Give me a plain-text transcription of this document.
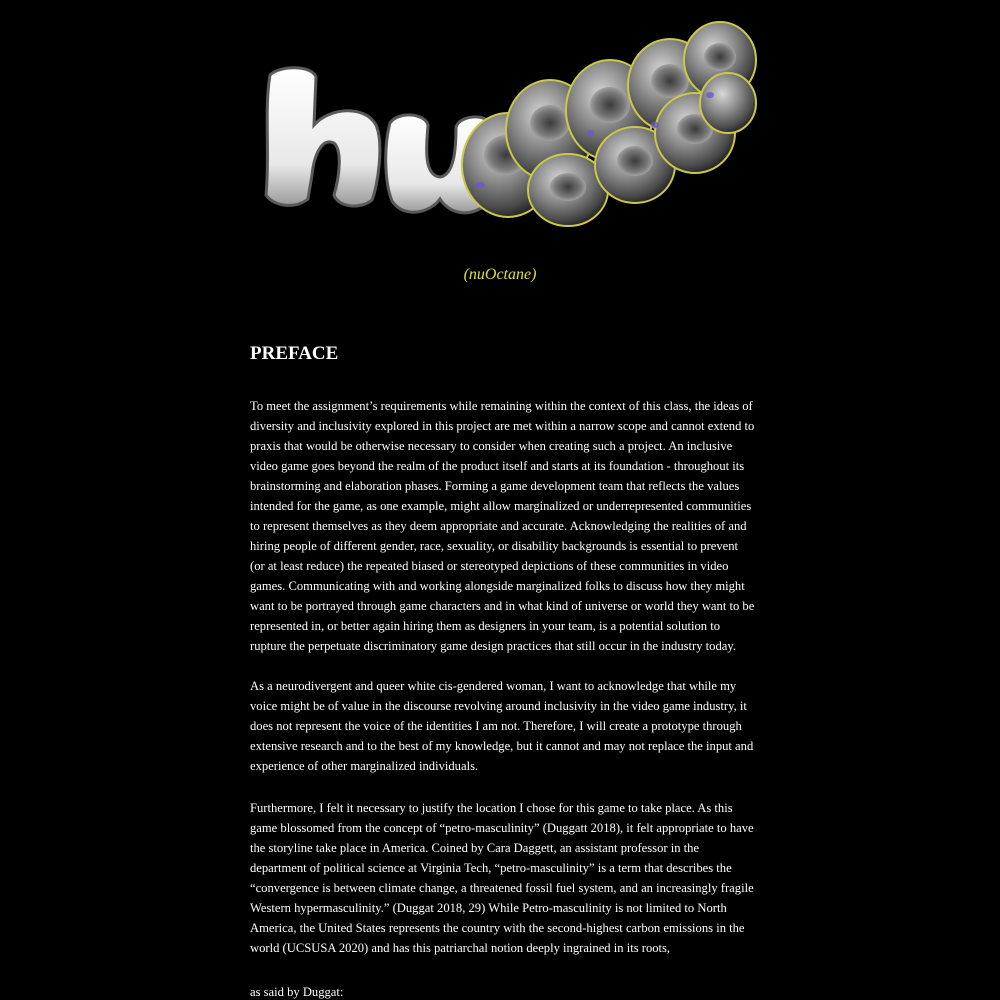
(nuOctane)
PREFACE

To meet the assignment’s requirements while remaining within the context of this class, the ideas of diversity and inclusivity explored in this project are met within a narrow scope and cannot extend to praxis that would be otherwise necessary to consider when creating such a project. An inclusive video game goes beyond the realm of the product itself and starts at its foundation - throughout its brainstorming and elaboration phases. Forming a game development team that reflects the values intended for the game, as one example, might allow marginalized or underrepresented communities to represent themselves as they deem appropriate and accurate. Acknowledging the realities of and hiring people of different gender, race, sexuality, or disability backgrounds is essential to prevent (or at least reduce) the repeated biased or stereotyped depictions of these communities in video games. Communicating with and working alongside marginalized folks to discuss how they might want to be portrayed through game characters and in what kind of universe or world they want to be represented in, or better again hiring them as designers in your team, is a potential solution to rupture the perpetuate discriminatory game design practices that still occur in the industry today.

As a neurodivergent and queer white cis-gendered woman, I want to acknowledge that while my voice might be of value in the discourse revolving around inclusivity in the video game industry, it does not represent the voice of the identities I am not. Therefore, I will create a prototype through extensive research and to the best of my knowledge, but it cannot and may not replace the input and experience of other marginalized individuals.

Furthermore, I felt it necessary to justify the location I chose for this game to take place. As this game blossomed from the concept of “petro-masculinity” (Duggatt 2018), it felt appropriate to have the storyline take place in America. Coined by Cara Daggett, an assistant professor in the department of political science at Virginia Tech, “petro-masculinity” is a term that describes the “convergence is between climate change, a threatened fossil fuel system, and an increasingly fragile Western hypermasculinity.” (Duggat 2018, 29) While Petro-masculinity is not limited to North America, the United States represents the country with the second-highest carbon emissions in the world (UCSUSA 2020) and has this patriarchal notion deeply ingrained in its roots,

as said by Duggat:
